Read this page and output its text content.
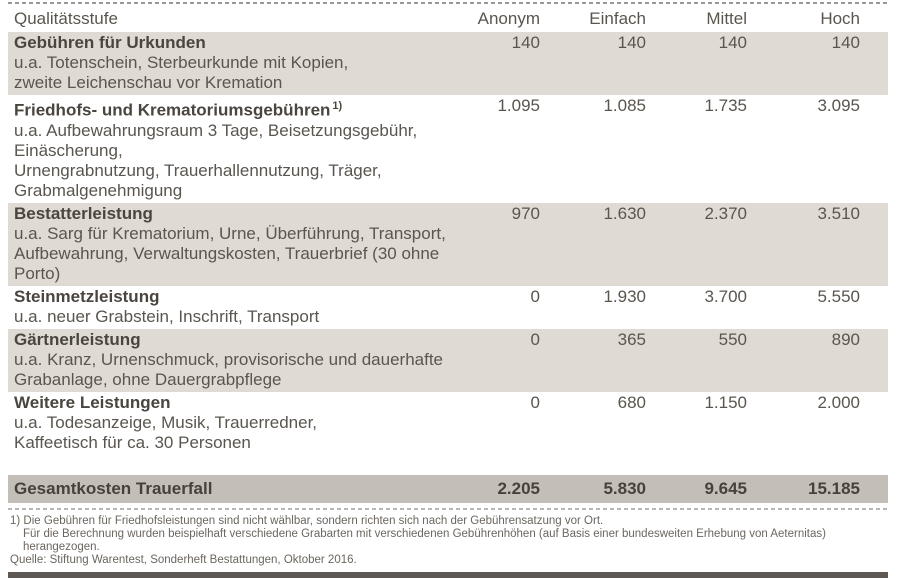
Qualitätsstufe	Anonym	Einfach	Mittel	Hoch
Gebühren für Urkunden
u.a. Totenschein, Sterbeurkunde mit Kopien,
zweite Leichenschau vor Kremation
140	140	140	140
Friedhofs- und Krematoriumsgebühren $^{1)}$
u.a. Aufbewahrungsraum 3 Tage, Beisetzungsgebühr, Einäscherung,
Urnengrabnutzung, Trauerhallennutzung, Träger, Grabmalgenehmigung
1.095	1.085	1.735	3.095
Bestatterleistung
u.a. Sarg für Krematorium, Urne, Überführung, Transport,
Aufbewahrung, Verwaltungskosten, Trauerbrief (30 ohne Porto)
970	1.630	2.370	3.510
Steinmetzleistung
u.a. neuer Grabstein, Inschrift, Transport
0	1.930	3.700	5.550
Gärtnerleistung
u.a. Kranz, Urnenschmuck, provisorische und dauerhafte
Grabanlage, ohne Dauergrabpflege
0	365	550	890
Weitere Leistungen
u.a. Todesanzeige, Musik, Trauerredner,
Kaffeetisch für ca. 30 Personen
0	680	1.150	2.000
Gesamtkosten Trauerfall	2.205	5.830	9.645	15.185
1) Die Gebühren für Friedhofsleistungen sind nicht wählbar, sondern richten sich nach der Gebührensatzung vor Ort.
Für die Berechnung wurden beispielhaft verschiedene Grabarten mit verschiedenen Gebührenhöhen (auf Basis einer bundesweiten Erhebung von Aeternitas) herangezogen.
Quelle: Stiftung Warentest, Sonderheft Bestattungen, Oktober 2016.
